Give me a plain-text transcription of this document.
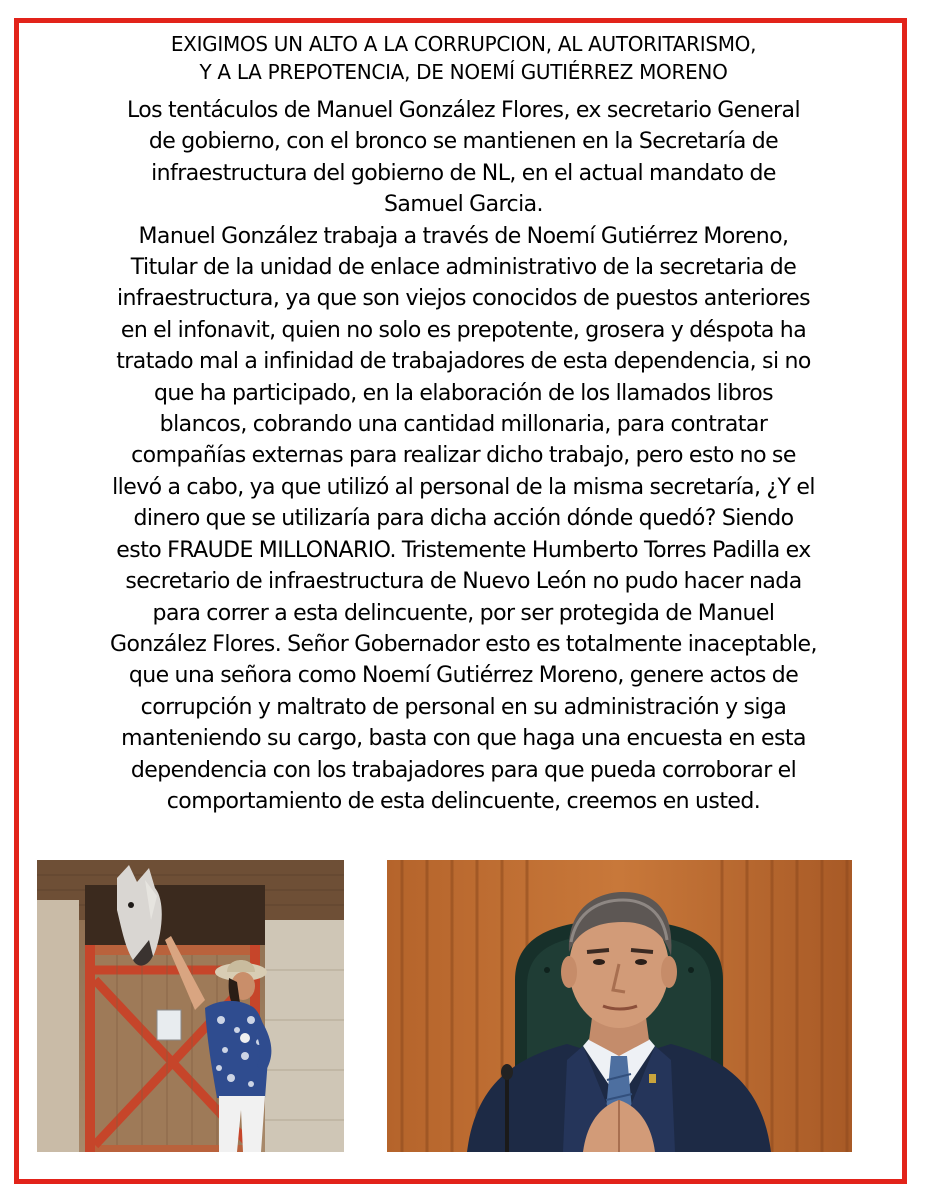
EXIGIMOS UN ALTO A LA CORRUPCION, AL AUTORITARISMO,
Y A LA PREPOTENCIA, DE NOEMÍ GUTIÉRREZ MORENO

Los tentáculos de Manuel González Flores, ex secretario General
de gobierno, con el bronco se mantienen en la Secretaría de
infraestructura del gobierno de NL, en el actual mandato de
Samuel Garcia.

Manuel González trabaja a través de Noemí Gutiérrez Moreno,
Titular de la unidad de enlace administrativo de la secretaria de
infraestructura, ya que son viejos conocidos de puestos anteriores
en el infonavit, quien no solo es prepotente, grosera y déspota ha
tratado mal a infinidad de trabajadores de esta dependencia, si no
que ha participado, en la elaboración de los llamados libros
blancos, cobrando una cantidad millonaria, para contratar
compañías externas para realizar dicho trabajo, pero esto no se
llevó a cabo, ya que utilizó al personal de la misma secretaría, ¿Y el
dinero que se utilizaría para dicha acción dónde quedó? Siendo
esto FRAUDE MILLONARIO. Tristemente Humberto Torres Padilla ex
secretario de infraestructura de Nuevo León no pudo hacer nada
para correr a esta delincuente, por ser protegida de Manuel
González Flores. Señor Gobernador esto es totalmente inaceptable,
que una señora como Noemí Gutiérrez Moreno, genere actos de
corrupción y maltrato de personal en su administración y siga
manteniendo su cargo, basta con que haga una encuesta en esta
dependencia con los trabajadores para que pueda corroborar el
comportamiento de esta delincuente, creemos en usted.
